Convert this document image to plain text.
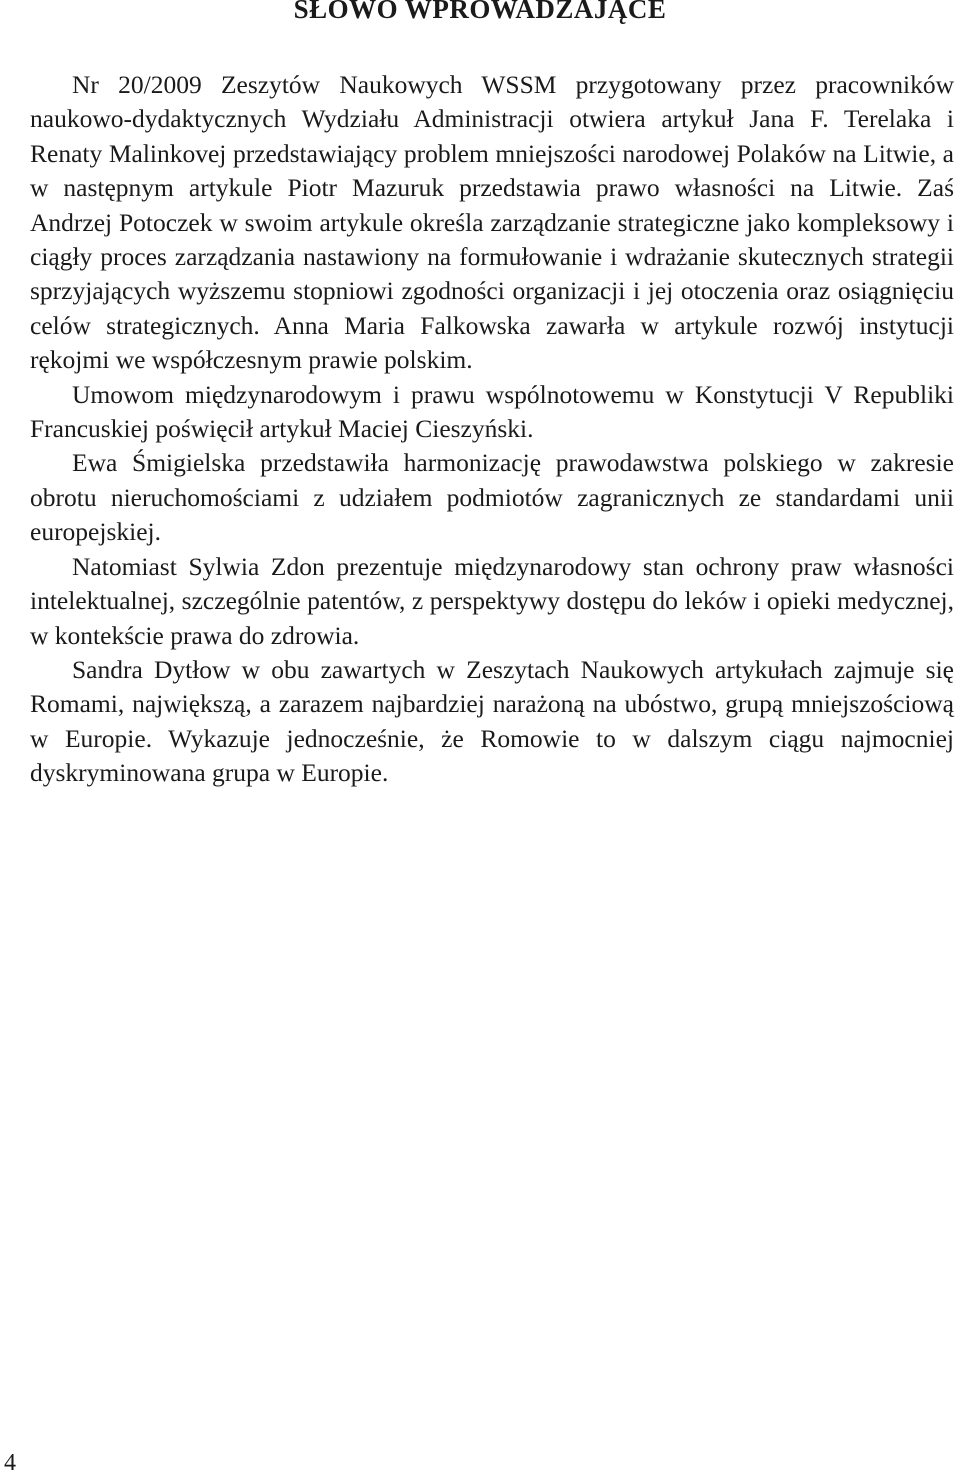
SŁOWO WPROWADZAJĄCE

Nr 20/2009 Zeszytów Naukowych WSSM przygotowany przez pracowników naukowo-dydaktycznych Wydziału Administracji otwiera artykuł Jana F. Terelaka i Renaty Malinkovej przedstawiający problem mniejszości narodowej Polaków na Litwie, a w następnym artykule Piotr Mazuruk przedstawia prawo własności na Litwie. Zaś Andrzej Potoczek w swoim artykule określa zarządzanie strategiczne jako kompleksowy i ciągły proces zarządzania nastawiony na formułowanie i wdrażanie skutecznych strategii sprzyjających wyższemu stopniowi zgodności organizacji i jej otoczenia oraz osiągnięciu celów strategicznych. Anna Maria Falkowska zawarła w artykule rozwój instytucji rękojmi we współczesnym prawie polskim.

Umowom międzynarodowym i prawu wspólnotowemu w Konstytucji V Republiki Francuskiej poświęcił artykuł Maciej Cieszyński.

Ewa Śmigielska przedstawiła harmonizację prawodawstwa polskiego w zakresie obrotu nieruchomościami z udziałem podmiotów zagranicznych ze standardami unii europejskiej.

Natomiast Sylwia Zdon prezentuje międzynarodowy stan ochrony praw własności intelektualnej, szczególnie patentów, z perspektywy dostępu do leków i opieki medycznej, w kontekście prawa do zdrowia.

Sandra Dytłow w obu zawartych w Zeszytach Naukowych artykułach zajmuje się Romami, największą, a zarazem najbardziej narażoną na ubóstwo, grupą mniejszościową w Europie. Wykazuje jednocześnie, że Romowie to w dalszym ciągu najmocniej dyskryminowana grupa w Europie.

4
